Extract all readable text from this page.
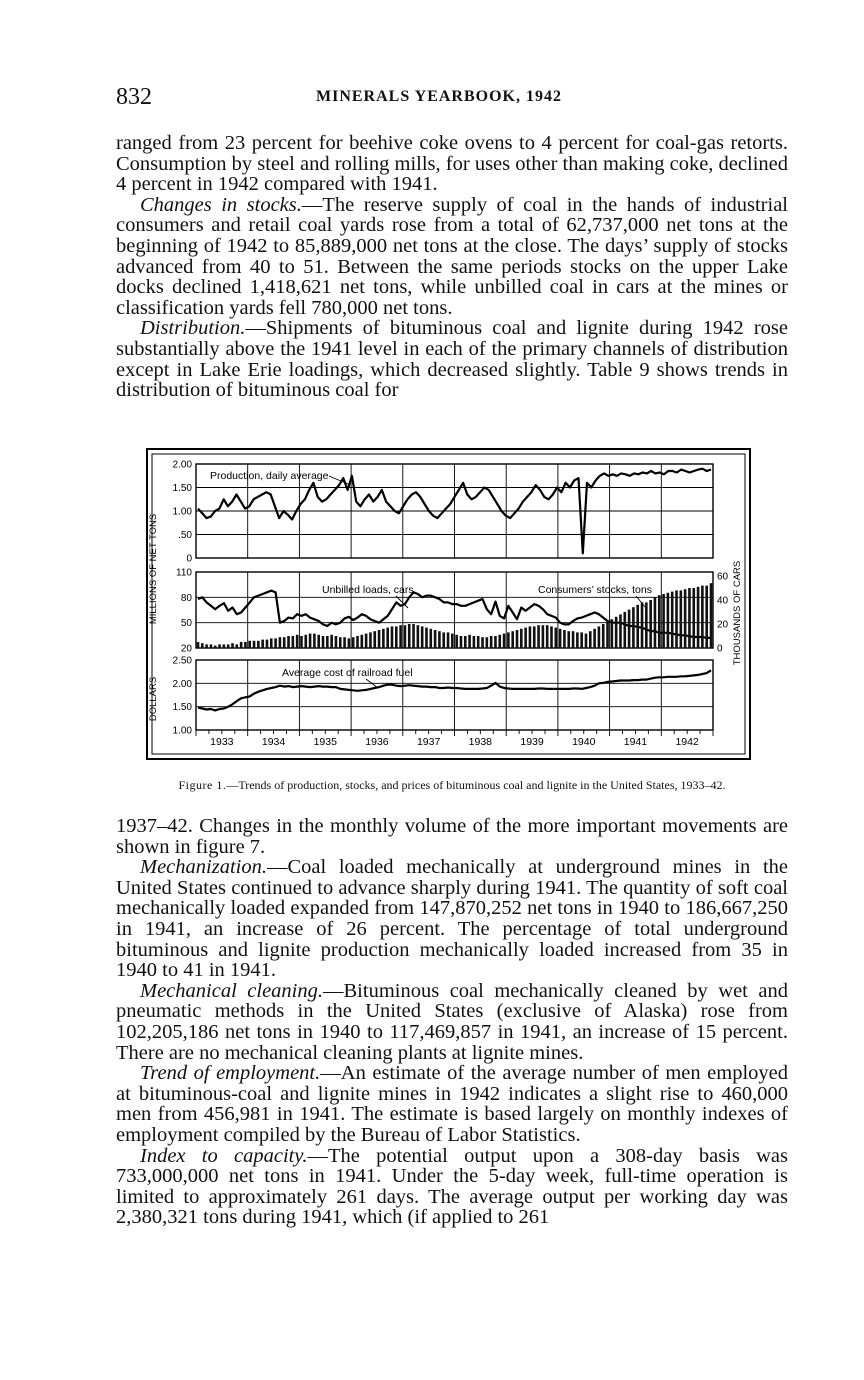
832	MINERALS YEARBOOK, 1942

ranged from 23 percent for beehive coke ovens to 4 percent for coal-gas retorts. Consumption by steel and rolling mills, for uses other than making coke, declined 4 percent in 1942 compared with 1941.

Changes in stocks.—The reserve supply of coal in the hands of industrial consumers and retail coal yards rose from a total of 62,737,000 net tons at the beginning of 1942 to 85,889,000 net tons at the close. The days’ supply of stocks advanced from 40 to 51. Between the same periods stocks on the upper Lake docks declined 1,418,621 net tons, while unbilled coal in cars at the mines or classification yards fell 780,000 net tons.

Distribution.—Shipments of bituminous coal and lignite during 1942 rose substantially above the 1941 level in each of the primary channels of distribution except in Lake Erie loadings, which decreased slightly. Table 9 shows trends in distribution of bituminous coal for

2.00
1.50
1.00
.50
0
110
80
50
20
60
40
20
0
2.50
2.00
1.50
1.00
1933	1934	1935	1936	1937	1938	1939	1940	1941	1942
Production, daily average
Unbilled loads, cars	Consumers’ stocks, tons
Average cost of railroad fuel
MILLIONS OF NET TONS
DOLLARS
THOUSANDS OF CARS
Figure 1.—Trends of production, stocks, and prices of bituminous coal and lignite in the United States, 1933–42.

1937–42. Changes in the monthly volume of the more important movements are shown in figure 7.

Mechanization.—Coal loaded mechanically at underground mines in the United States continued to advance sharply during 1941. The quantity of soft coal mechanically loaded expanded from 147,870,252 net tons in 1940 to 186,667,250 in 1941, an increase of 26 percent. The percentage of total underground bituminous and lignite production mechanically loaded increased from 35 in 1940 to 41 in 1941.

Mechanical cleaning.—Bituminous coal mechanically cleaned by wet and pneumatic methods in the United States (exclusive of Alaska) rose from 102,205,186 net tons in 1940 to 117,469,857 in 1941, an increase of 15 percent. There are no mechanical cleaning plants at lignite mines.

Trend of employment.—An estimate of the average number of men employed at bituminous-coal and lignite mines in 1942 indicates a slight rise to 460,000 men from 456,981 in 1941. The estimate is based largely on monthly indexes of employment compiled by the Bureau of Labor Statistics.

Index to capacity.—The potential output upon a 308-day basis was 733,000,000 net tons in 1941. Under the 5-day week, full-time operation is limited to approximately 261 days. The average output per working day was 2,380,321 tons during 1941, which (if applied to 261
